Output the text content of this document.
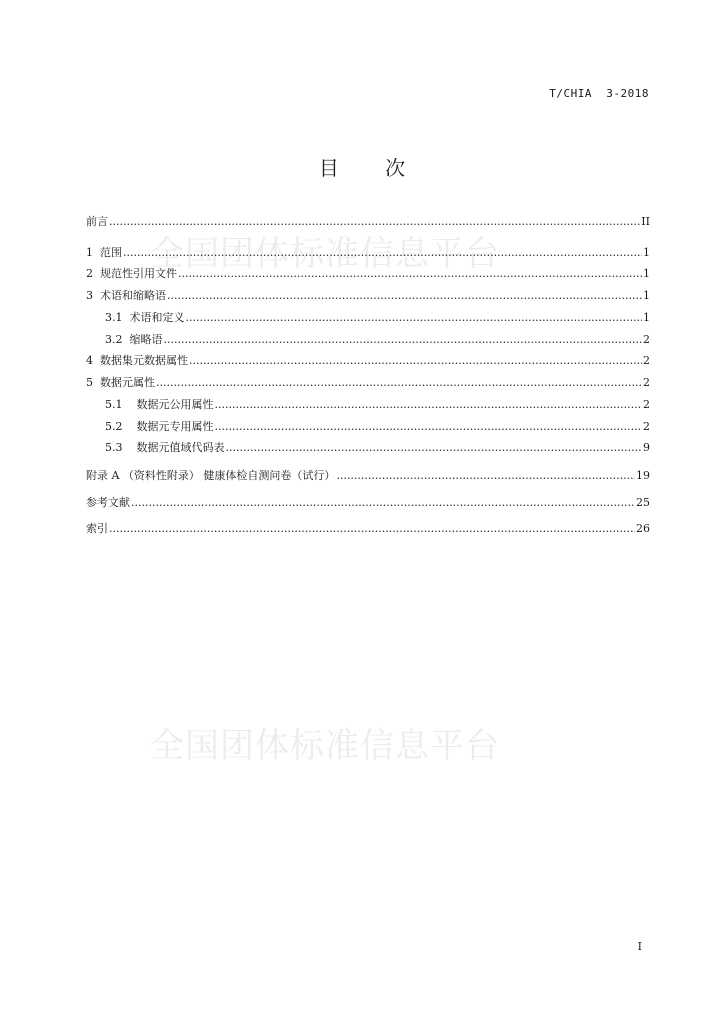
T/CHIA  3-2018
全国团体标准信息平台
全国团体标准信息平台
目 次
前言 .....	II
1 范围 .....	1
2 规范性引用文件 .....	1
3 术语和缩略语 .....	1
3.1 术语和定义 .....	1
3.2 缩略语 .....	2
4 数据集元数据属性 .....	2
5 数据元属性 .....	2
5.1 数据元公用属性 .....	2
5.2 数据元专用属性 .....	2
5.3 数据元值域代码表 .....	9
附录 A （资料性附录） 健康体检自测问卷（试行） .....	19
参考文献 .....	25
索引 .....	26
I
